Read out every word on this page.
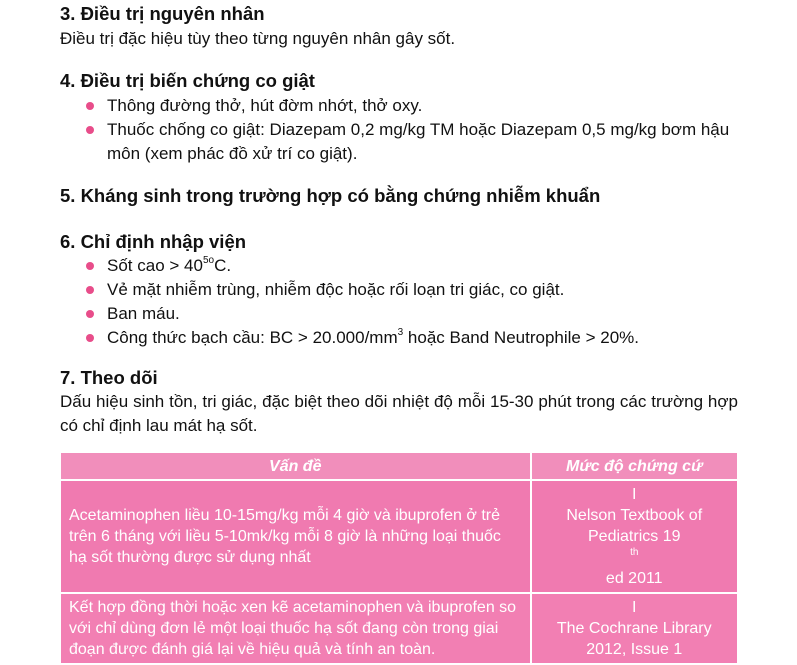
3. Điều trị nguyên nhân

Điều trị đặc hiệu tùy theo từng nguyên nhân gây sốt.

4. Điều trị biến chứng co giật
Thông đường thở, hút đờm nhớt, thở oxy.
Thuốc chống co giật: Diazepam 0,2 mg/kg TM hoặc Diazepam 0,5 mg/kg bơm hậu môn (xem phác đồ xử trí co giật).
5. Kháng sinh trong trường hợp có bằng chứng nhiễm khuẩn
6. Chỉ định nhập viện
Sốt cao > $40^{5o}C$.
Vẻ mặt nhiễm trùng, nhiễm độc hoặc rối loạn tri giác, co giật.
Ban máu.
Công thức bạch cầu: BC > $20.000/mm^3$ hoặc Band Neutrophile > 20%.
7. Theo dõi

Dấu hiệu sinh tồn, tri giác, đặc biệt theo dõi nhiệt độ mỗi 15-30 phút trong các trường hợp có chỉ định lau mát hạ sốt.

Vấn đề	Mức độ chứng cứ
Acetaminophen liều 10-15mg/kg mỗi 4 giờ và ibuprofen ở trẻ trên 6 tháng với liều 5-10mk/kg mỗi 8 giờ là những loại thuốc hạ sốt thường được sử dụng nhất	I
Nelson Textbook of
Pediatrics 19
$^{th}$
ed 2011

Kết hợp đồng thời hoặc xen kẽ acetaminophen và ibuprofen so với chỉ dùng đơn lẻ một loại thuốc hạ sốt đang còn trong giai đoạn được đánh giá lại về hiệu quả và tính an toàn.	I
The Cochrane Library
2012, Issue 1
